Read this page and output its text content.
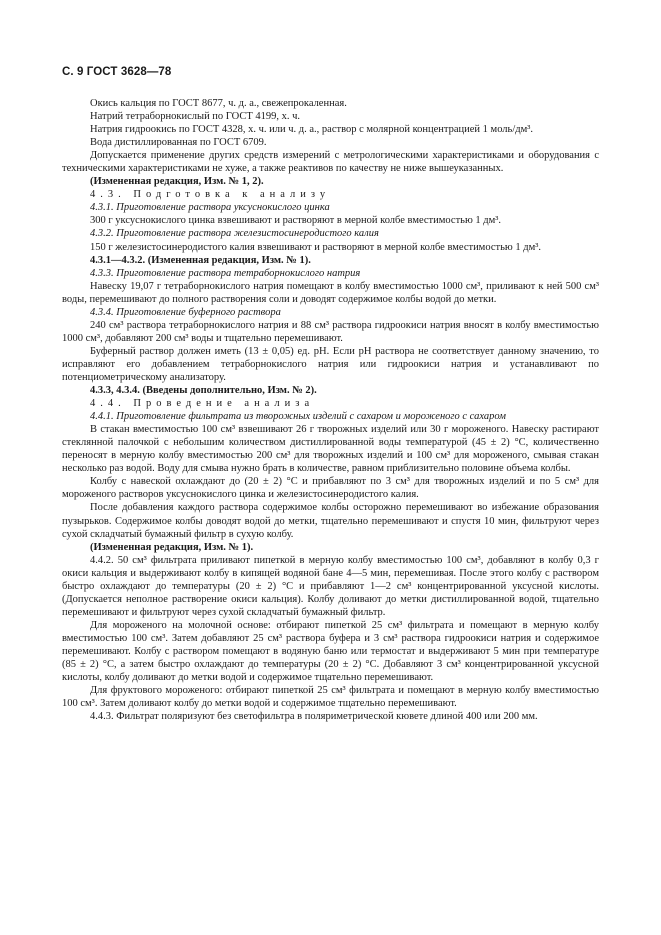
С. 9 ГОСТ 3628—78

Окись кальция по ГОСТ 8677, ч. д. а., свежепрокаленная.

Натрий тетраборнокислый по ГОСТ 4199, х. ч.

Натрия гидроокись по ГОСТ 4328, х. ч. или ч. д. а., раствор с молярной концентрацией 1 моль/дм³.

Вода дистиллированная по ГОСТ 6709.

Допускается применение других средств измерений с метрологическими характеристиками и оборудования с техническими характеристиками не хуже, а также реактивов по качеству не ниже вышеуказанных.

(Измененная редакция, Изм. № 1, 2).

4.3. Подготовка к анализу

4.3.1. Приготовление раствора уксуснокислого цинка

300 г уксуснокислого цинка взвешивают и растворяют в мерной колбе вместимостью 1 дм³.

4.3.2. Приготовление раствора железистосинеродистого калия

150 г железистосинеродистого калия взвешивают и растворяют в мерной колбе вместимостью 1 дм³.

4.3.1—4.3.2. (Измененная редакция, Изм. № 1).

4.3.3. Приготовление раствора тетраборнокислого натрия

Навеску 19,07 г тетраборнокислого натрия помещают в колбу вместимостью 1000 см³, приливают к ней 500 см³ воды, перемешивают до полного растворения соли и доводят содержимое колбы водой до метки.

4.3.4. Приготовление буферного раствора

240 см³ раствора тетраборнокислого натрия и 88 см³ раствора гидроокиси натрия вносят в колбу вместимостью 1000 см³, добавляют 200 см³ воды и тщательно перемешивают.

Буферный раствор должен иметь (13 ± 0,05) ед. рН. Если рН раствора не соответствует данному значению, то исправляют его добавлением тетраборнокислого натрия или гидроокиси натрия и устанавливают по потенциометрическому анализатору.

4.3.3, 4.3.4. (Введены дополнительно, Изм. № 2).

4.4. Проведение анализа

4.4.1. Приготовление фильтрата из творожных изделий с сахаром и мороженого с сахаром

В стакан вместимостью 100 см³ взвешивают 26 г творожных изделий или 30 г мороженого. Навеску растирают стеклянной палочкой с небольшим количеством дистиллированной воды температурой (45 ± 2) °С, количественно переносят в мерную колбу вместимостью 200 см³ для творожных изделий и 100 см³ для мороженого, смывая стакан несколько раз водой. Воду для смыва нужно брать в количестве, равном приблизительно половине объема колбы.

Колбу с навеской охлаждают до (20 ± 2) °С и прибавляют по 3 см³ для творожных изделий и по 5 см³ для мороженого растворов уксуснокислого цинка и железистосинеродистого калия.

После добавления каждого раствора содержимое колбы осторожно перемешивают во избежание образования пузырьков. Содержимое колбы доводят водой до метки, тщательно перемешивают и спустя 10 мин, фильтруют через сухой складчатый бумажный фильтр в сухую колбу.

(Измененная редакция, Изм. № 1).

4.4.2. 50 см³ фильтрата приливают пипеткой в мерную колбу вместимостью 100 см³, добавляют в колбу 0,3 г окиси кальция и выдерживают колбу в кипящей водяной бане 4—5 мин, перемешивая. После этого колбу с раствором быстро охлаждают до температуры (20 ± 2) °С и прибавляют 1—2 см³ концентрированной уксусной кислоты. (Допускается неполное растворение окиси кальция). Колбу доливают до метки дистиллированной водой, тщательно перемешивают и фильтруют через сухой складчатый бумажный фильтр.

Для мороженого на молочной основе: отбирают пипеткой 25 см³ фильтрата и помещают в мерную колбу вместимостью 100 см³. Затем добавляют 25 см³ раствора буфера и 3 см³ раствора гидроокиси натрия и содержимое перемешивают. Колбу с раствором помещают в водяную баню или термостат и выдерживают 5 мин при температуре (85 ± 2) °С, а затем быстро охлаждают до температуры (20 ± 2) °С. Добавляют 3 см³ концентрированной уксусной кислоты, колбу доливают до метки водой и содержимое тщательно перемешивают.

Для фруктового мороженого: отбирают пипеткой 25 см³ фильтрата и помещают в мерную колбу вместимостью 100 см³. Затем доливают колбу до метки водой и содержимое тщательно перемешивают.

4.4.3. Фильтрат поляризуют без светофильтра в поляриметрической кювете длиной 400 или 200 мм.
